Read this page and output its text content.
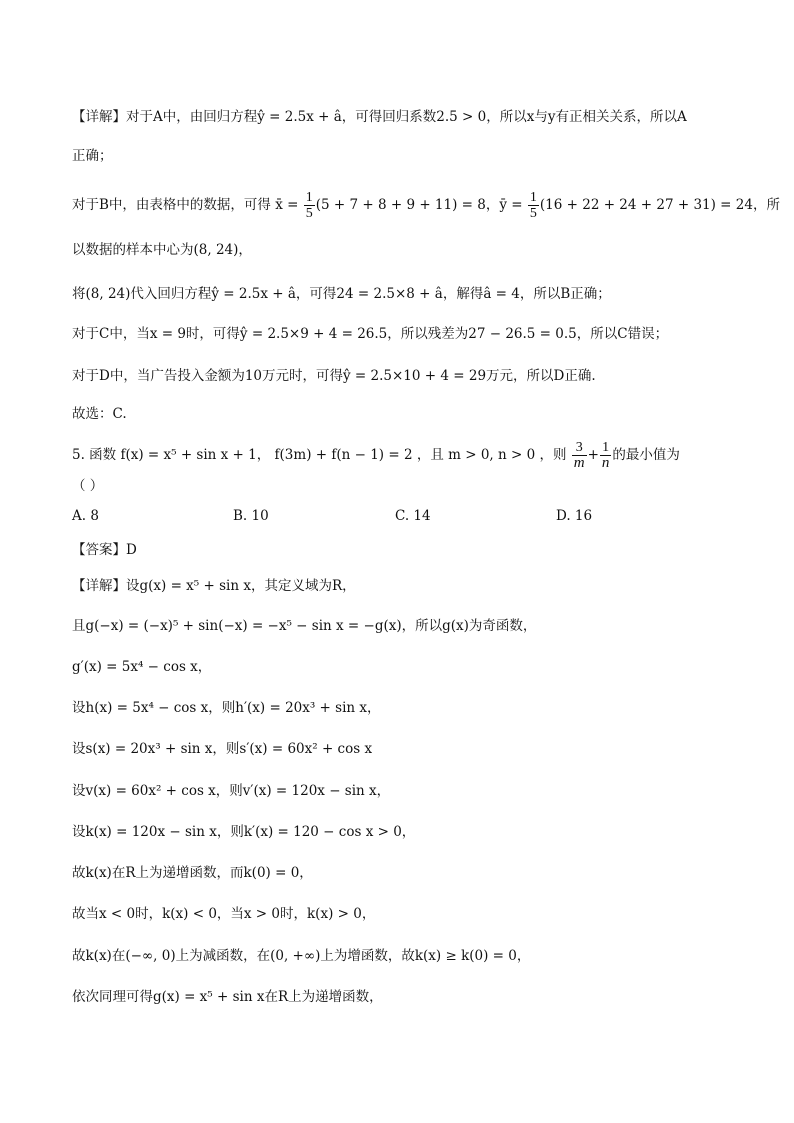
【详解】对于A中，由回归方程ŷ = 2.5x + â，可得回归系数2.5 > 0，所以x与y有正相关关系，所以A
正确；
对于B中，由表格中的数据，可得 x̄ = $\frac{1}{5} (5 + 7 + 8 + 9 + 11) = 8$，ȳ = $\frac{1}{5} (16 + 22 + 24 + 27 + 31) = 24$，所
以数据的样本中心为(8, 24)，
将(8, 24)代入回归方程ŷ = 2.5x + â，可得24 = 2.5×8 + â，解得â = 4，所以B正确；
对于C中，当x = 9时，可得ŷ = 2.5×9 + 4 = 26.5，所以残差为27 − 26.5 = 0.5，所以C错误；
对于D中，当广告投入金额为10万元时，可得ŷ = 2.5×10 + 4 = 29万元，所以D正确.
故选：C.
5. 函数 f(x) = x⁵ + sin x + 1， f(3m) + f(n − 1) = 2 ，且 m > 0, n > 0 ，则 $\frac{3}{m} + \frac{1}{n}$ 的最小值为
（ ）
A. 8	B. 10	C. 14	D. 16
【答案】D
【详解】设g(x) = x⁵ + sin x，其定义域为R，
且g(−x) = (−x)⁵ + sin(−x) = −x⁵ − sin x = −g(x)，所以g(x)为奇函数，
g′(x) = 5x⁴ − cos x，
设h(x) = 5x⁴ − cos x，则h′(x) = 20x³ + sin x，
设s(x) = 20x³ + sin x，则s′(x) = 60x² + cos x
设v(x) = 60x² + cos x，则v′(x) = 120x − sin x，
设k(x) = 120x − sin x，则k′(x) = 120 − cos x > 0，
故k(x)在R上为递增函数，而k(0) = 0，
故当x < 0时，k(x) < 0，当x > 0时，k(x) > 0，
故k(x)在(−∞, 0)上为减函数，在(0, +∞)上为增函数，故k(x) ≥ k(0) = 0，
依次同理可得g(x) = x⁵ + sin x在R上为递增函数，
